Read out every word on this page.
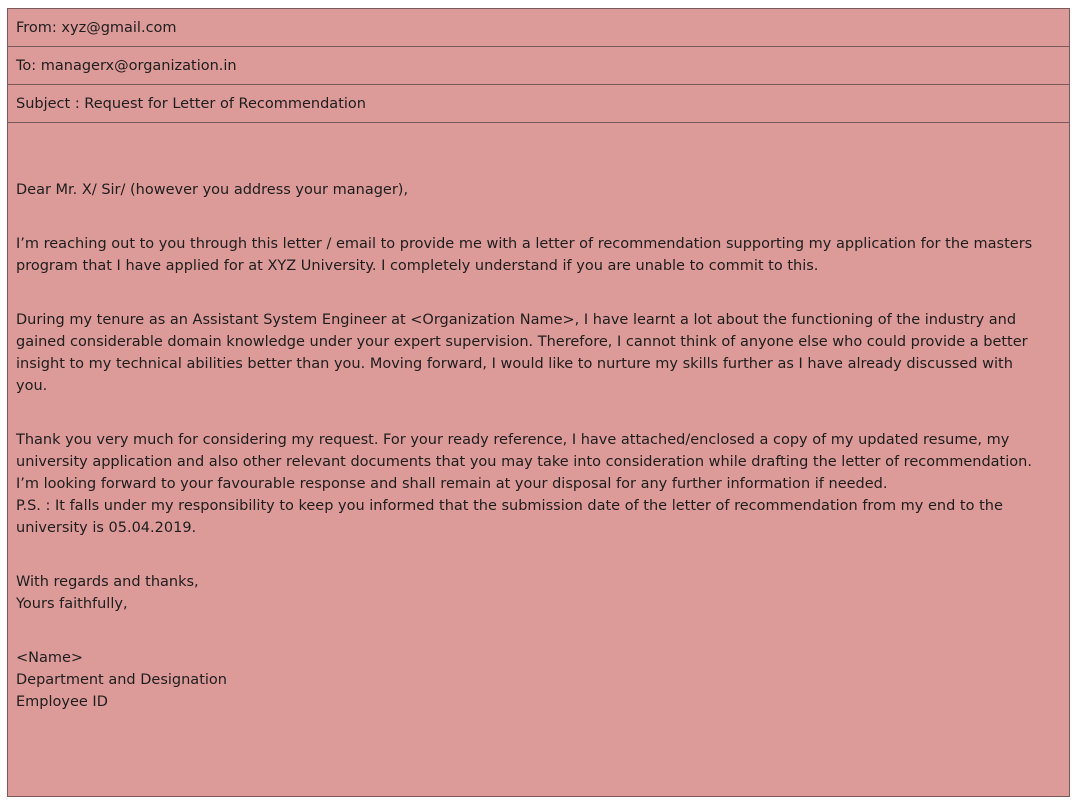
From: xyz@gmail.com
To: managerx@organization.in
Subject : Request for Letter of Recommendation

Dear Mr. X/ Sir/ (however you address your manager),

I’m reaching out to you through this letter / email to provide me with a letter of recommendation supporting my application for the masters
program that I have applied for at XYZ University. I completely understand if you are unable to commit to this.

During my tenure as an Assistant System Engineer at <Organization Name>, I have learnt a lot about the functioning of the industry and
gained considerable domain knowledge under your expert supervision. Therefore, I cannot think of anyone else who could provide a better
insight to my technical abilities better than you. Moving forward, I would like to nurture my skills further as I have already discussed with
you.

Thank you very much for considering my request. For your ready reference, I have attached/enclosed a copy of my updated resume, my
university application and also other relevant documents that you may take into consideration while drafting the letter of recommendation.
I’m looking forward to your favourable response and shall remain at your disposal for any further information if needed.
P.S. : It falls under my responsibility to keep you informed that the submission date of the letter of recommendation from my end to the
university is 05.04.2019.

With regards and thanks,
Yours faithfully,

<Name>
Department and Designation
Employee ID
